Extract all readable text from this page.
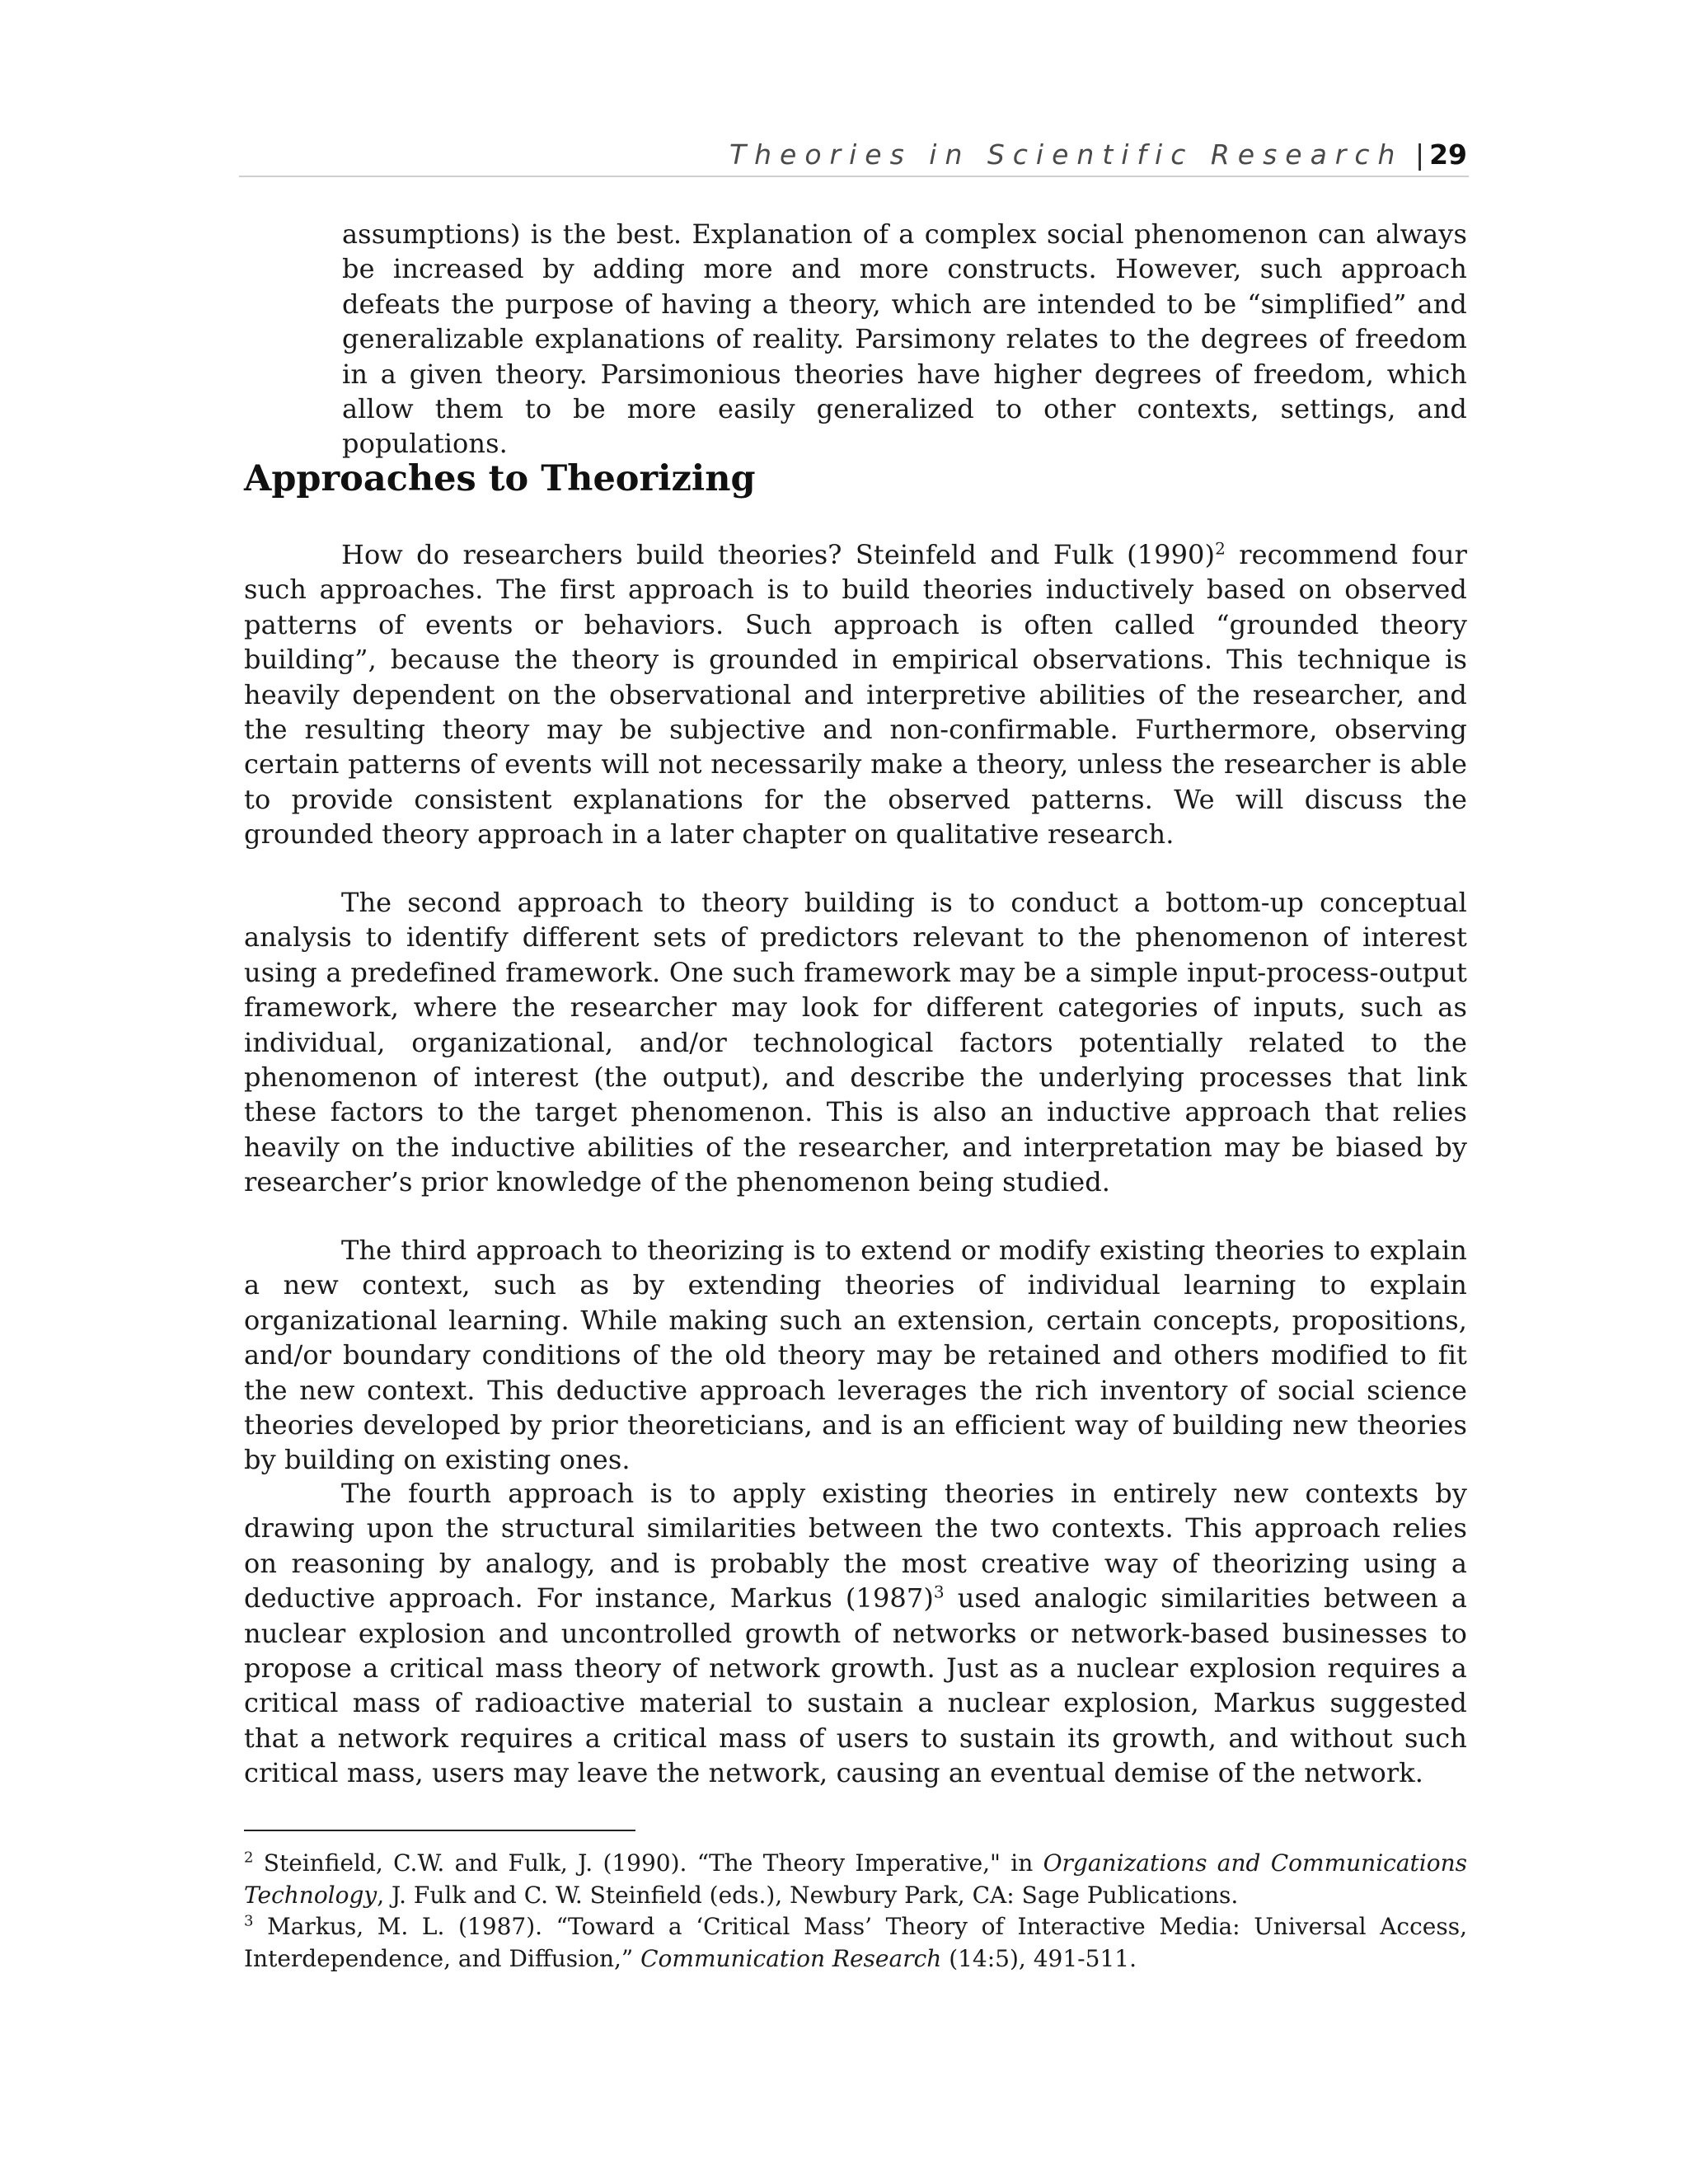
Theories in Scientific Research | 29

assumptions) is the best. Explanation of a complex social phenomenon can always be increased by adding more and more constructs. However, such approach defeats the purpose of having a theory, which are intended to be “simplified” and generalizable explanations of reality. Parsimony relates to the degrees of freedom in a given theory. Parsimonious theories have higher degrees of freedom, which allow them to be more easily generalized to other contexts, settings, and populations.

Approaches to Theorizing

How do researchers build theories? Steinfeld and Fulk $(1990)^2$ recommend four such approaches. The first approach is to build theories inductively based on observed patterns of events or behaviors. Such approach is often called “grounded theory building”, because the theory is grounded in empirical observations. This technique is heavily dependent on the observational and interpretive abilities of the researcher, and the resulting theory may be subjective and non-confirmable. Furthermore, observing certain patterns of events will not necessarily make a theory, unless the researcher is able to provide consistent explanations for the observed patterns. We will discuss the grounded theory approach in a later chapter on qualitative research.

The second approach to theory building is to conduct a bottom-up conceptual analysis to identify different sets of predictors relevant to the phenomenon of interest using a predefined framework. One such framework may be a simple input-process-output framework, where the researcher may look for different categories of inputs, such as individual, organizational, and/or technological factors potentially related to the phenomenon of interest (the output), and describe the underlying processes that link these factors to the target phenomenon. This is also an inductive approach that relies heavily on the inductive abilities of the researcher, and interpretation may be biased by researcher’s prior knowledge of the phenomenon being studied.

The third approach to theorizing is to extend or modify existing theories to explain a new context, such as by extending theories of individual learning to explain organizational learning. While making such an extension, certain concepts, propositions, and/or boundary conditions of the old theory may be retained and others modified to fit the new context. This deductive approach leverages the rich inventory of social science theories developed by prior theoreticians, and is an efficient way of building new theories by building on existing ones.

The fourth approach is to apply existing theories in entirely new contexts by drawing upon the structural similarities between the two contexts. This approach relies on reasoning by analogy, and is probably the most creative way of theorizing using a deductive approach. For instance, Markus $(1987)^3$ used analogic similarities between a nuclear explosion and uncontrolled growth of networks or network-based businesses to propose a critical mass theory of network growth. Just as a nuclear explosion requires a critical mass of radioactive material to sustain a nuclear explosion, Markus suggested that a network requires a critical mass of users to sustain its growth, and without such critical mass, users may leave the network, causing an eventual demise of the network.

$^2$ Steinfield, C.W. and Fulk, J. (1990). “The Theory Imperative," in Organizations and Communications Technology, J. Fulk and C. W. Steinfield (eds.), Newbury Park, CA: Sage Publications.

$^3$ Markus, M. L. (1987). “Toward a ‘Critical Mass’ Theory of Interactive Media: Universal Access, Interdependence, and Diffusion,” Communication Research (14:5), 491-511.
